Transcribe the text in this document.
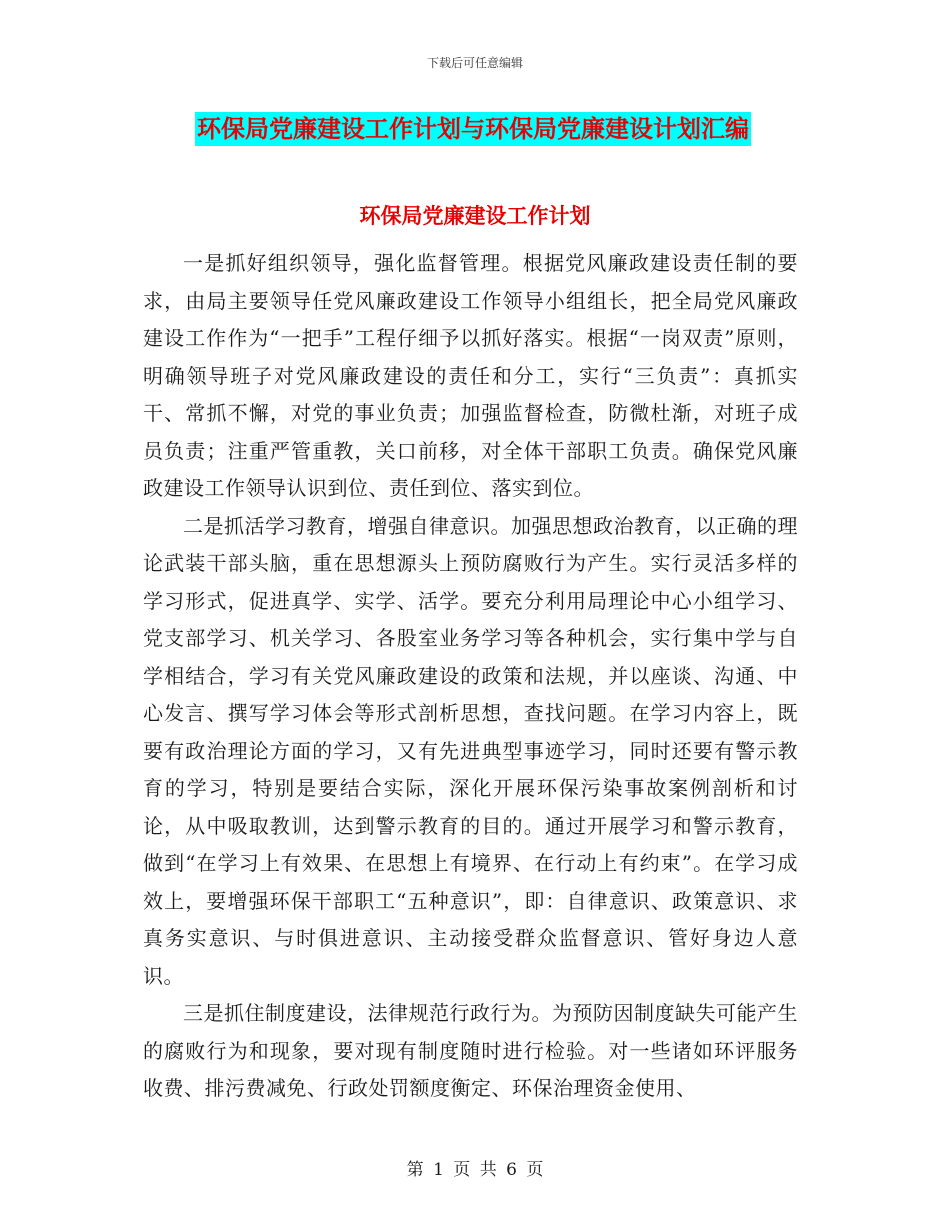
下载后可任意编辑
环保局党廉建设工作计划与环保局党廉建设计划汇编
环保局党廉建设工作计划

一是抓好组织领导，强化监督管理。根据党风廉政建设责任制的要求，由局主要领导任党风廉政建设工作领导小组组长，把全局党风廉政建设工作作为“一把手”工程仔细予以抓好落实。根据“一岗双责”原则，明确领导班子对党风廉政建设的责任和分工，实行“三负责”：真抓实干、常抓不懈，对党的事业负责；加强监督检查，防微杜渐，对班子成员负责；注重严管重教，关口前移，对全体干部职工负责。确保党风廉政建设工作领导认识到位、责任到位、落实到位。

二是抓活学习教育，增强自律意识。加强思想政治教育，以正确的理论武装干部头脑，重在思想源头上预防腐败行为产生。实行灵活多样的学习形式，促进真学、实学、活学。要充分利用局理论中心小组学习、党支部学习、机关学习、各股室业务学习等各种机会，实行集中学与自学相结合，学习有关党风廉政建设的政策和法规，并以座谈、沟通、中心发言、撰写学习体会等形式剖析思想，查找问题。在学习内容上，既要有政治理论方面的学习，又有先进典型事迹学习，同时还要有警示教育的学习，特别是要结合实际，深化开展环保污染事故案例剖析和讨论，从中吸取教训，达到警示教育的目的。通过开展学习和警示教育，做到“在学习上有效果、在思想上有境界、在行动上有约束”。在学习成效上，要增强环保干部职工“五种意识”，即：自律意识、政策意识、求真务实意识、与时俱进意识、主动接受群众监督意识、管好身边人意识。

三是抓住制度建设，法律规范行政行为。为预防因制度缺失可能产生的腐败行为和现象，要对现有制度随时进行检验。对一些诸如环评服务收费、排污费减免、行政处罚额度衡定、环保治理资金使用、

第 1 页 共 6 页
